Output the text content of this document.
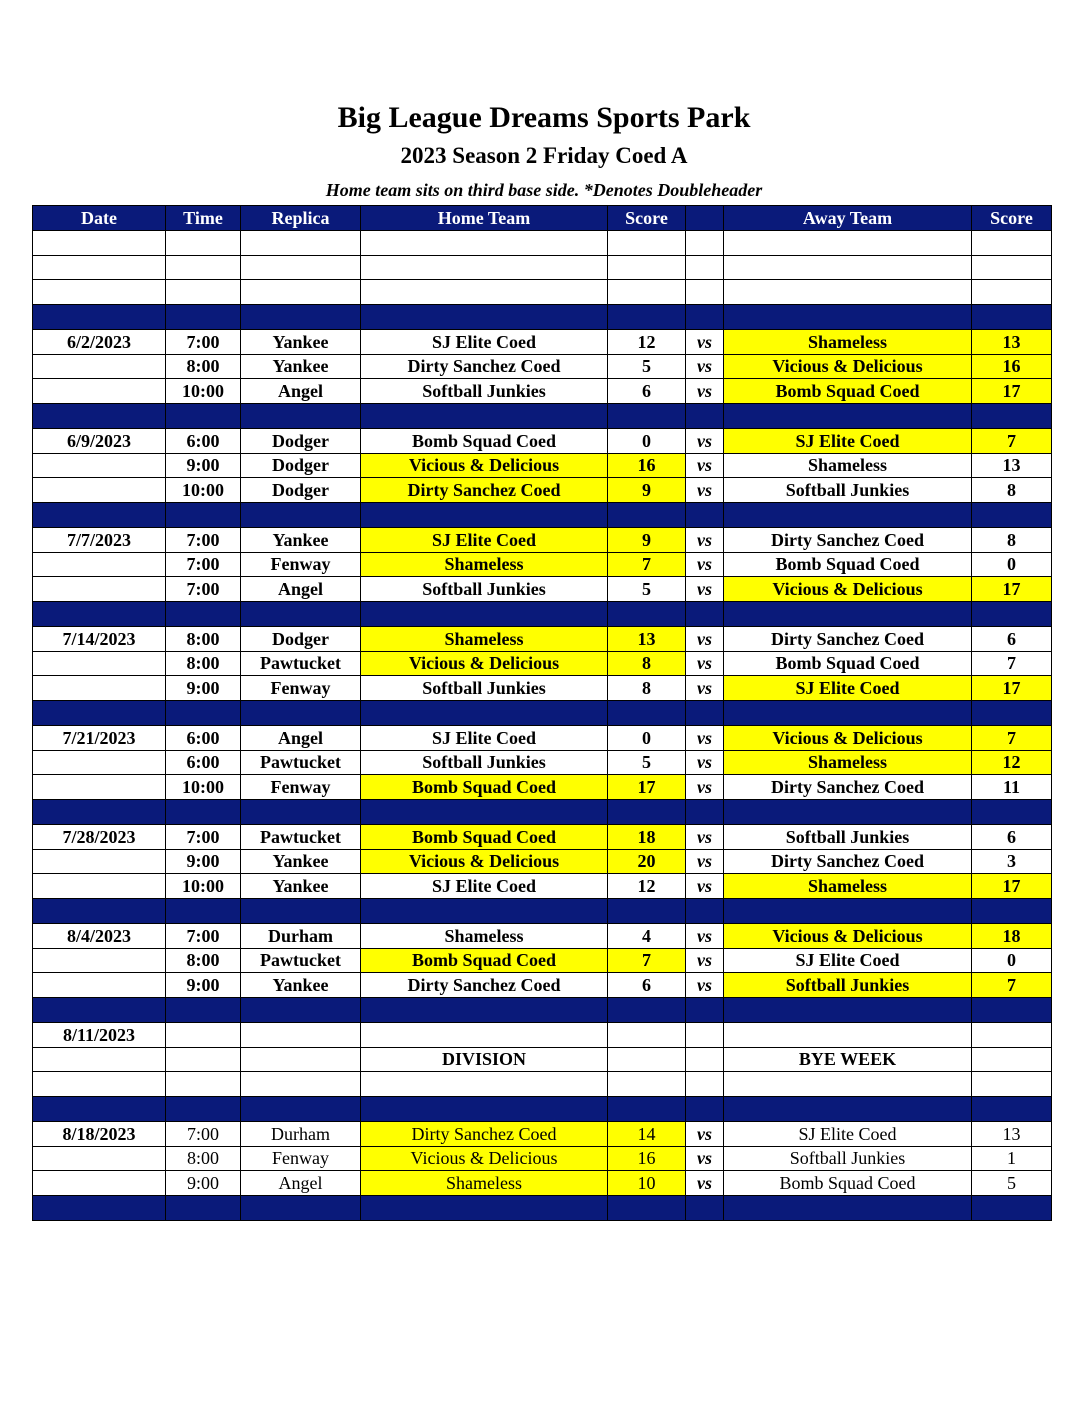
Big League Dreams Sports Park
2023 Season 2 Friday Coed A
Home team sits on third base side. *Denotes Doubleheader
Date	Time	Replica	Home Team	Score		Away Team	Score

6/2/2023	7:00	Yankee	SJ Elite Coed	12	vs	Shameless	13
	8:00	Yankee	Dirty Sanchez Coed	5	vs	Vicious & Delicious	16
	10:00	Angel	Softball Junkies	6	vs	Bomb Squad Coed	17

6/9/2023	6:00	Dodger	Bomb Squad Coed	0	vs	SJ Elite Coed	7
	9:00	Dodger	Vicious & Delicious	16	vs	Shameless	13
	10:00	Dodger	Dirty Sanchez Coed	9	vs	Softball Junkies	8

7/7/2023	7:00	Yankee	SJ Elite Coed	9	vs	Dirty Sanchez Coed	8
	7:00	Fenway	Shameless	7	vs	Bomb Squad Coed	0
	7:00	Angel	Softball Junkies	5	vs	Vicious & Delicious	17

7/14/2023	8:00	Dodger	Shameless	13	vs	Dirty Sanchez Coed	6
	8:00	Pawtucket	Vicious & Delicious	8	vs	Bomb Squad Coed	7
	9:00	Fenway	Softball Junkies	8	vs	SJ Elite Coed	17

7/21/2023	6:00	Angel	SJ Elite Coed	0	vs	Vicious & Delicious	7
	6:00	Pawtucket	Softball Junkies	5	vs	Shameless	12
	10:00	Fenway	Bomb Squad Coed	17	vs	Dirty Sanchez Coed	11

7/28/2023	7:00	Pawtucket	Bomb Squad Coed	18	vs	Softball Junkies	6
	9:00	Yankee	Vicious & Delicious	20	vs	Dirty Sanchez Coed	3
	10:00	Yankee	SJ Elite Coed	12	vs	Shameless	17

8/4/2023	7:00	Durham	Shameless	4	vs	Vicious & Delicious	18
	8:00	Pawtucket	Bomb Squad Coed	7	vs	SJ Elite Coed	0
	9:00	Yankee	Dirty Sanchez Coed	6	vs	Softball Junkies	7

8/11/2023							
			DIVISION			BYE WEEK	

8/18/2023	7:00	Durham	Dirty Sanchez Coed	14	vs	SJ Elite Coed	13
	8:00	Fenway	Vicious & Delicious	16	vs	Softball Junkies	1
	9:00	Angel	Shameless	10	vs	Bomb Squad Coed	5
